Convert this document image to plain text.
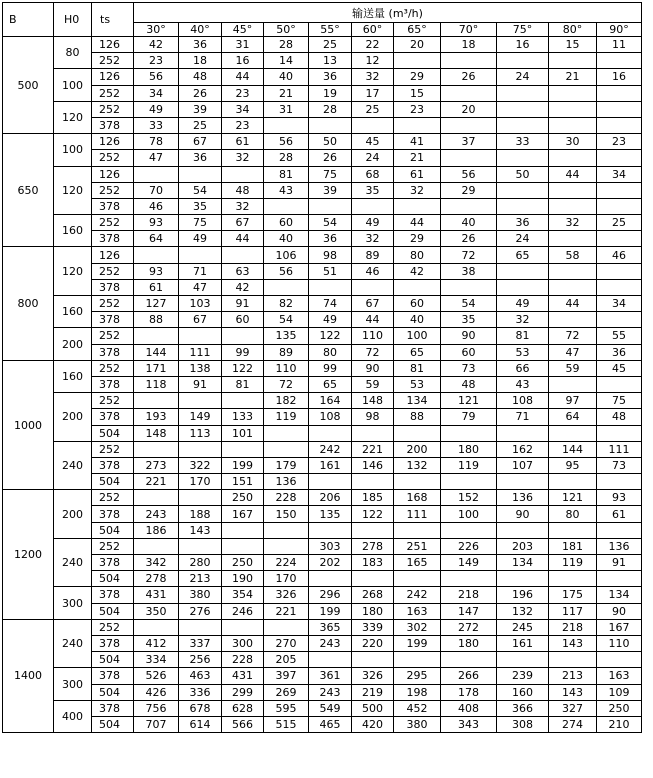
B	H0	ts	输送量 (m³/h)										
			30°	40°	45°	50°	55°	60°	65°	70°	75°	80°	90°
500	80	126	42	36	31	28	25	22	20	18	16	15	11
		252	23	18	16	14	13	12					
	100	126	56	48	44	40	36	32	29	26	24	21	16
		252	34	26	23	21	19	17	15				
	120	252	49	39	34	31	28	25	23	20			
		378	33	25	23								
650	100	126	78	67	61	56	50	45	41	37	33	30	23
		252	47	36	32	28	26	24	21				
	120	126				81	75	68	61	56	50	44	34
		252	70	54	48	43	39	35	32	29			
		378	46	35	32								
	160	252	93	75	67	60	54	49	44	40	36	32	25
		378	64	49	44	40	36	32	29	26	24		
800	120	126				106	98	89	80	72	65	58	46
		252	93	71	63	56	51	46	42	38			
		378	61	47	42								
	160	252	127	103	91	82	74	67	60	54	49	44	34
		378	88	67	60	54	49	44	40	35	32		
	200	252				135	122	110	100	90	81	72	55
		378	144	111	99	89	80	72	65	60	53	47	36
1000	160	252	171	138	122	110	99	90	81	73	66	59	45
		378	118	91	81	72	65	59	53	48	43		
	200	252				182	164	148	134	121	108	97	75
		378	193	149	133	119	108	98	88	79	71	64	48
		504	148	113	101								
	240	252					242	221	200	180	162	144	111
		378	273	322	199	179	161	146	132	119	107	95	73
		504	221	170	151	136							
1200	200	252			250	228	206	185	168	152	136	121	93
		378	243	188	167	150	135	122	111	100	90	80	61
		504	186	143									
	240	252					303	278	251	226	203	181	136
		378	342	280	250	224	202	183	165	149	134	119	91
		504	278	213	190	170							
	300	378	431	380	354	326	296	268	242	218	196	175	134
		504	350	276	246	221	199	180	163	147	132	117	90
1400	240	252					365	339	302	272	245	218	167
		378	412	337	300	270	243	220	199	180	161	143	110
		504	334	256	228	205							
	300	378	526	463	431	397	361	326	295	266	239	213	163
		504	426	336	299	269	243	219	198	178	160	143	109
	400	378	756	678	628	595	549	500	452	408	366	327	250
		504	707	614	566	515	465	420	380	343	308	274	210
